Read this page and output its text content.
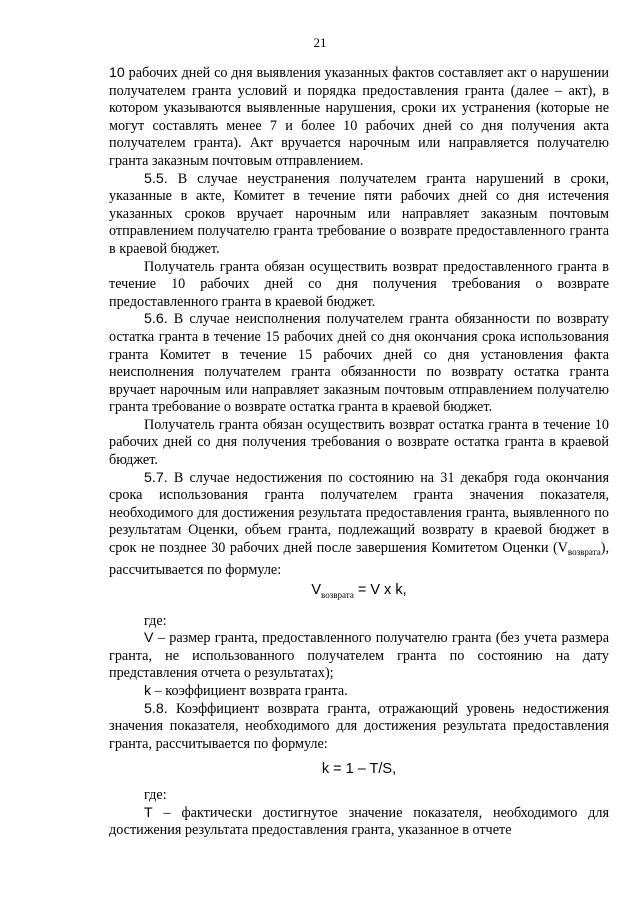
21

10 рабочих дней со дня выявления указанных фактов составляет акт о нарушении получателем гранта условий и порядка предоставления гранта (далее – акт), в котором указываются выявленные нарушения, сроки их устранения (которые не могут составлять менее 7 и более 10 рабочих дней со дня получения акта получателем гранта). Акт вручается нарочным или направляется получателю гранта заказным почтовым отправлением.

5.5. В случае неустранения получателем гранта нарушений в сроки, указанные в акте, Комитет в течение пяти рабочих дней со дня истечения указанных сроков вручает нарочным или направляет заказным почтовым отправлением получателю гранта требование о возврате предоставленного гранта в краевой бюджет.

Получатель гранта обязан осуществить возврат предоставленного гранта в течение 10 рабочих дней со дня получения требования о возврате предоставленного гранта в краевой бюджет.

5.6. В случае неисполнения получателем гранта обязанности по возврату остатка гранта в течение 15 рабочих дней со дня окончания срока использования гранта Комитет в течение 15 рабочих дней со дня установления факта неисполнения получателем гранта обязанности по возврату остатка гранта вручает нарочным или направляет заказным почтовым отправлением получателю гранта требование о возврате остатка гранта в краевой бюджет.

Получатель гранта обязан осуществить возврат остатка гранта в течение 10 рабочих дней со дня получения требования о возврате остатка гранта в краевой бюджет.

5.7. В случае недостижения по состоянию на 31 декабря года окончания срока использования гранта получателем гранта значения показателя, необходимого для достижения результата предоставления гранта, выявленного по результатам Оценки, объем гранта, подлежащий возврату в краевой бюджет в срок не позднее 30 рабочих дней после завершения Комитетом Оценки $(V_{возврата})$, рассчитывается по формуле:

$V_{возврата} = V$ x k,

где:

V – размер гранта, предоставленного получателю гранта (без учета размера гранта, не использованного получателем гранта по состоянию на дату представления отчета о результатах);

k – коэффициент возврата гранта.

5.8. Коэффициент возврата гранта, отражающий уровень недостижения значения показателя, необходимого для достижения результата предоставления гранта, рассчитывается по формуле:

k = 1 – T/S,

где:

T – фактически достигнутое значение показателя, необходимого для достижения результата предоставления гранта, указанное в отчете
